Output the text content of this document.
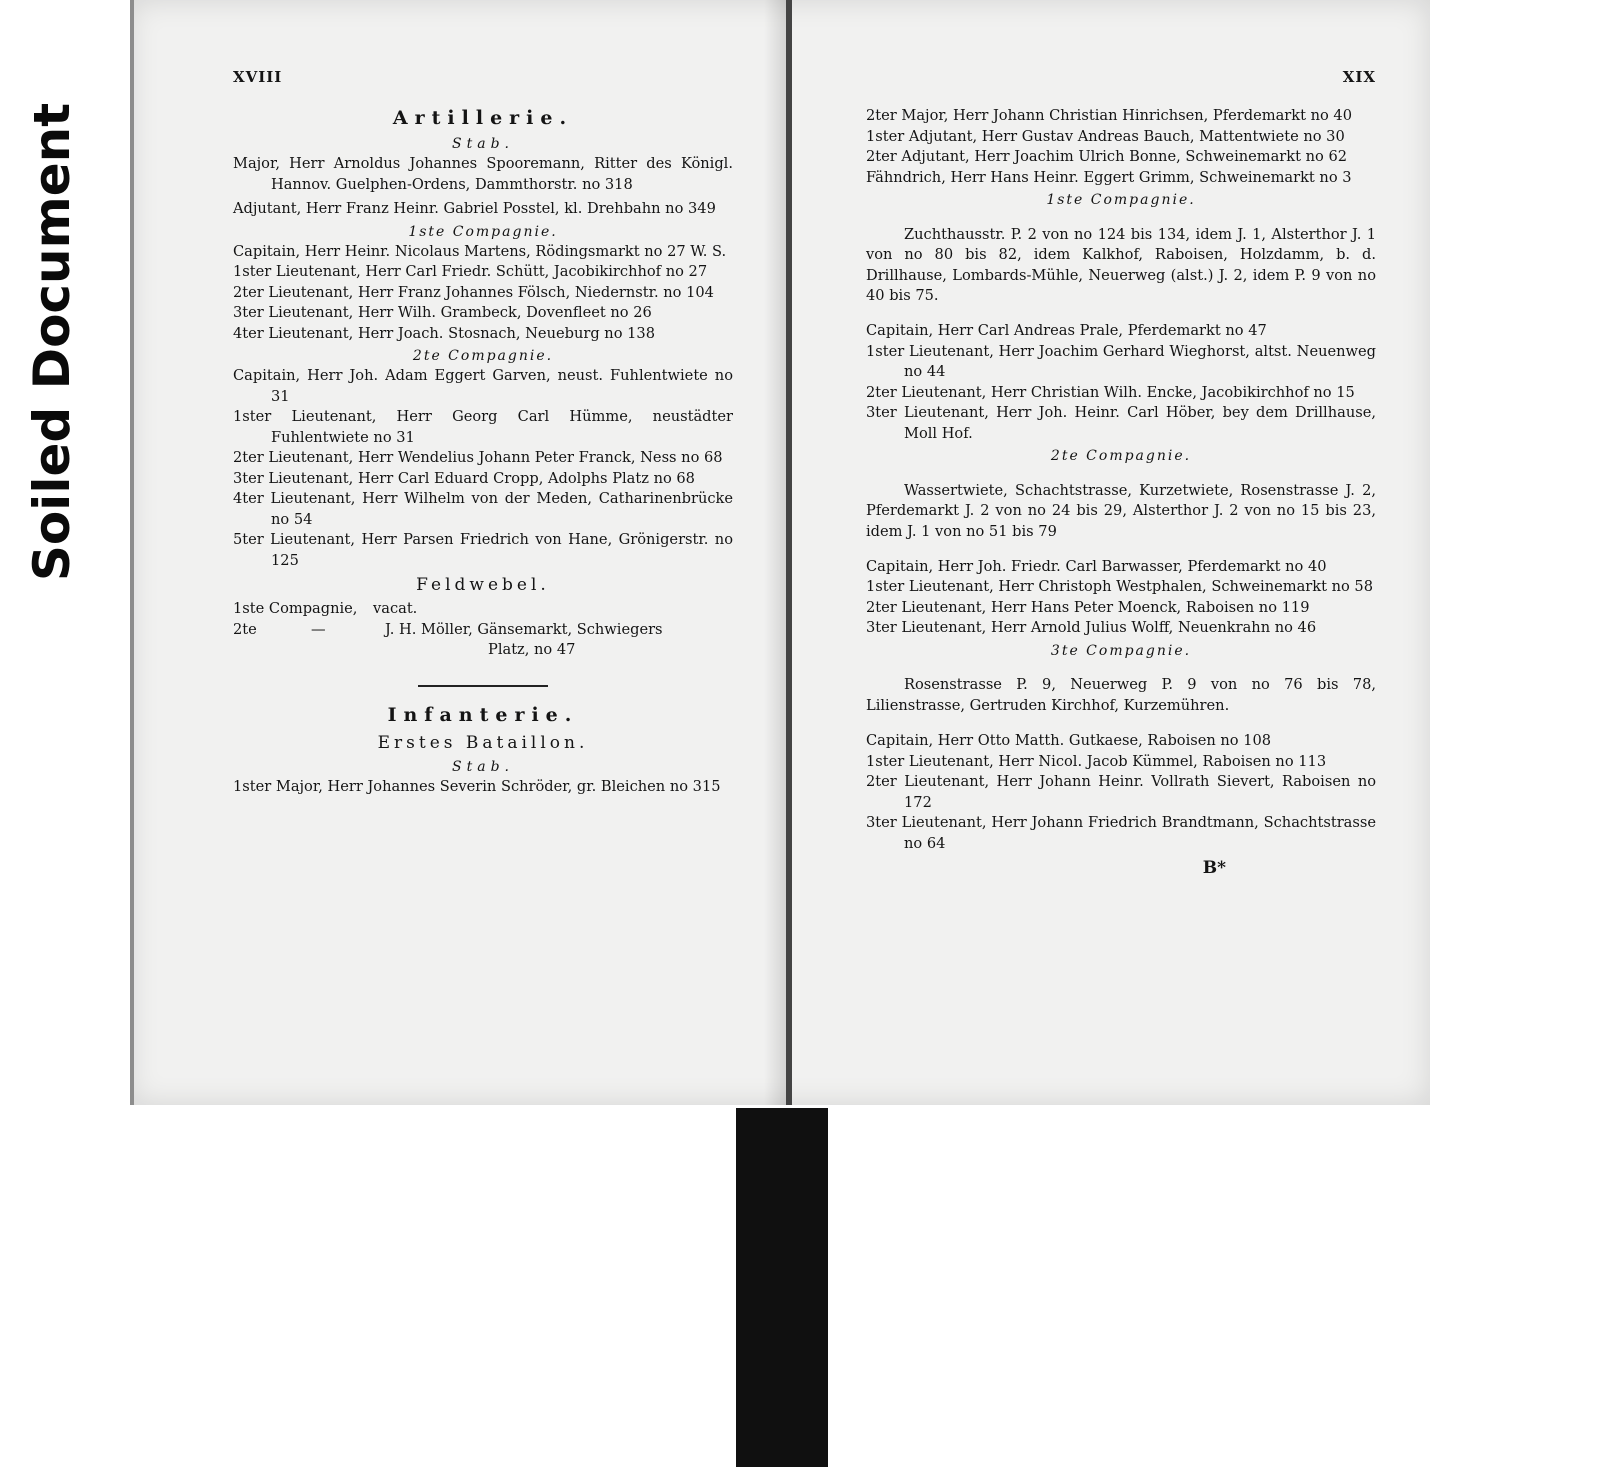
Soiled Document
XVIII
Artillerie.
Stab.

Major, Herr Arnoldus Johannes Spooremann, Ritter des Königl. Hannov. Guelphen-Ordens, Dammthorstr. no 318

Adjutant, Herr Franz Heinr. Gabriel Posstel, kl. Drehbahn no 349

1ste Compagnie.

Capitain, Herr Heinr. Nicolaus Martens, Rödingsmarkt no 27 W. S.

1ster Lieutenant, Herr Carl Friedr. Schütt, Jacobikirchhof no 27

2ter Lieutenant, Herr Franz Johannes Fölsch, Niedernstr. no 104

3ter Lieutenant, Herr Wilh. Grambeck, Dovenfleet no 26

4ter Lieutenant, Herr Joach. Stosnach, Neueburg no 138

2te Compagnie.

Capitain, Herr Joh. Adam Eggert Garven, neust. Fuhlentwiete no 31

1ster Lieutenant, Herr Georg Carl Hümme, neustädter Fuhlentwiete no 31

2ter Lieutenant, Herr Wendelius Johann Peter Franck, Ness no 68

3ter Lieutenant, Herr Carl Eduard Cropp, Adolphs Platz no 68

4ter Lieutenant, Herr Wilhelm von der Meden, Catharinenbrücke no 54

5ter Lieutenant, Herr Parsen Friedrich von Hane, Grönigerstr. no 125

Feldwebel.
1ste Compagnie, vacat.
2te	—	J. H. Möller, Gänsemarkt, Schwiegers
Platz, no 47
Infanterie.
Erstes Bataillon.
Stab.

1ster Major, Herr Johannes Severin Schröder, gr. Bleichen no 315

XIX

2ter Major, Herr Johann Christian Hinrichsen, Pferdemarkt no 40

1ster Adjutant, Herr Gustav Andreas Bauch, Mattentwiete no 30

2ter Adjutant, Herr Joachim Ulrich Bonne, Schweinemarkt no 62

Fähndrich, Herr Hans Heinr. Eggert Grimm, Schweinemarkt no 3

1ste Compagnie.

Zuchthausstr. P. 2 von no 124 bis 134, idem J. 1, Alsterthor J. 1 von no 80 bis 82, idem Kalkhof, Raboisen, Holzdamm, b. d. Drillhause, Lombards-Mühle, Neuerweg (alst.) J. 2, idem P. 9 von no 40 bis 75.

Capitain, Herr Carl Andreas Prale, Pferdemarkt no 47

1ster Lieutenant, Herr Joachim Gerhard Wieghorst, altst. Neuenweg no 44

2ter Lieutenant, Herr Christian Wilh. Encke, Jacobikirchhof no 15

3ter Lieutenant, Herr Joh. Heinr. Carl Höber, bey dem Drillhause, Moll Hof.

2te Compagnie.

Wassertwiete, Schachtstrasse, Kurzetwiete, Rosenstrasse J. 2, Pferdemarkt J. 2 von no 24 bis 29, Alsterthor J. 2 von no 15 bis 23, idem J. 1 von no 51 bis 79

Capitain, Herr Joh. Friedr. Carl Barwasser, Pferdemarkt no 40

1ster Lieutenant, Herr Christoph Westphalen, Schweinemarkt no 58

2ter Lieutenant, Herr Hans Peter Moenck, Raboisen no 119

3ter Lieutenant, Herr Arnold Julius Wolff, Neuenkrahn no 46

3te Compagnie.

Rosenstrasse P. 9, Neuerweg P. 9 von no 76 bis 78, Lilienstrasse, Gertruden Kirchhof, Kurzemühren.

Capitain, Herr Otto Matth. Gutkaese, Raboisen no 108

1ster Lieutenant, Herr Nicol. Jacob Kümmel, Raboisen no 113

2ter Lieutenant, Herr Johann Heinr. Vollrath Sievert, Raboisen no 172

3ter Lieutenant, Herr Johann Friedrich Brandtmann, Schachtstrasse no 64

B*
